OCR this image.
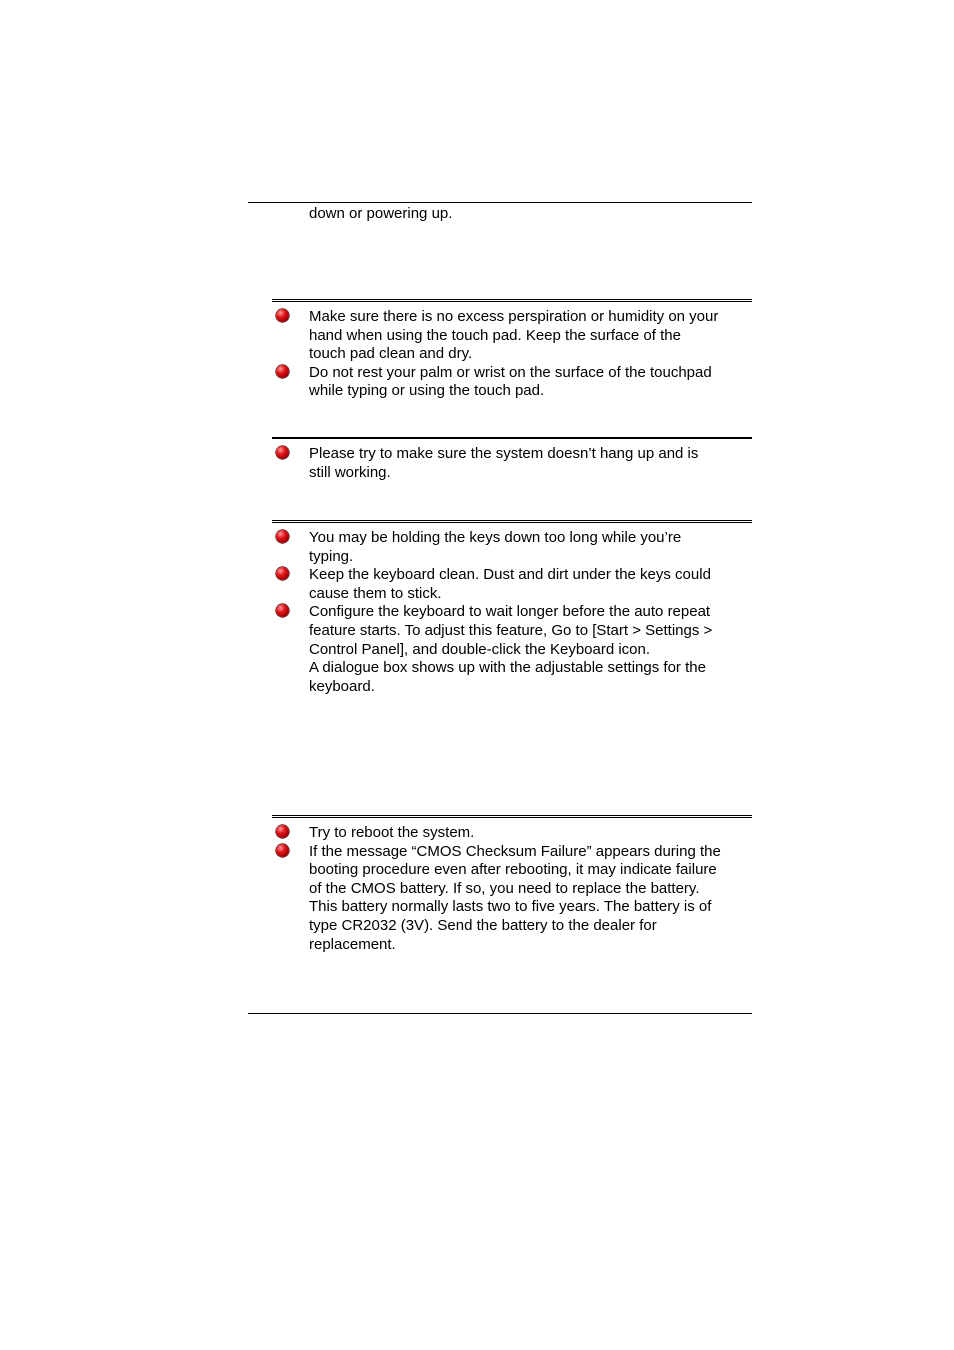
down or powering up.

Make sure there is no excess perspiration or humidity on your
hand when using the touch pad. Keep the surface of the
touch pad clean and dry.
Do not rest your palm or wrist on the surface of the touchpad
while typing or using the touch pad.
Please try to make sure the system doesn’t hang up and is
still working.
You may be holding the keys down too long while you’re
typing.
Keep the keyboard clean. Dust and dirt under the keys could
cause them to stick.
Configure the keyboard to wait longer before the auto repeat
feature starts. To adjust this feature, Go to [Start > Settings >
Control Panel], and double-click the Keyboard icon.
A dialogue box shows up with the adjustable settings for the
keyboard.
Try to reboot the system.
If the message “CMOS Checksum Failure” appears during the
booting procedure even after rebooting, it may indicate failure
of the CMOS battery. If so, you need to replace the battery.
This battery normally lasts two to five years. The battery is of
type CR2032 (3V). Send the battery to the dealer for
replacement.
